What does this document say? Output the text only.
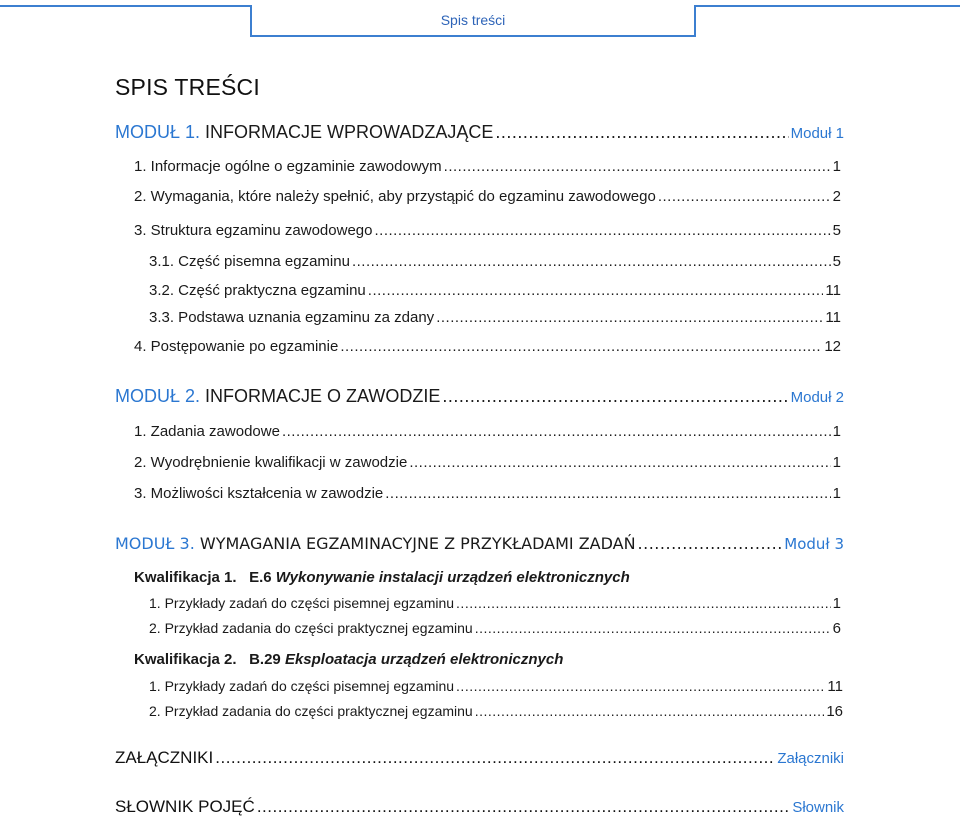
Spis treści
SPIS TREŚCI
MODUŁ 1. INFORMACJE WPROWADZAJĄCE .....	Moduł 1
1. Informacje ogólne o egzaminie zawodowym .....	1
2. Wymagania, które należy spełnić, aby przystąpić do egzaminu zawodowego .....	2
3. Struktura egzaminu zawodowego .....	5
3.1. Część pisemna egzaminu .....	5
3.2. Część praktyczna egzaminu .....	11
3.3. Podstawa uznania egzaminu za zdany .....	11
4. Postępowanie po egzaminie .....	12
MODUŁ 2. INFORMACJE O ZAWODZIE .....	Moduł 2
1. Zadania zawodowe .....	1
2. Wyodrębnienie kwalifikacji w zawodzie .....	1
3. Możliwości kształcenia w zawodzie .....	1
MODUŁ 3. WYMAGANIA EGZAMINACYJNE Z PRZYKŁADAMI ZADAŃ .....	Moduł 3
Kwalifikacja 1. E.6 Wykonywanie instalacji urządzeń elektronicznych
1. Przykłady zadań do części pisemnej egzaminu .....	1
2. Przykład zadania do części praktycznej egzaminu .....	6
Kwalifikacja 2. B.29 Eksploatacja urządzeń elektronicznych
1. Przykłady zadań do części pisemnej egzaminu .....	11
2. Przykład zadania do części praktycznej egzaminu .....	16
ZAŁĄCZNIKI .....	Załączniki
SŁOWNIK POJĘĆ .....	Słownik
